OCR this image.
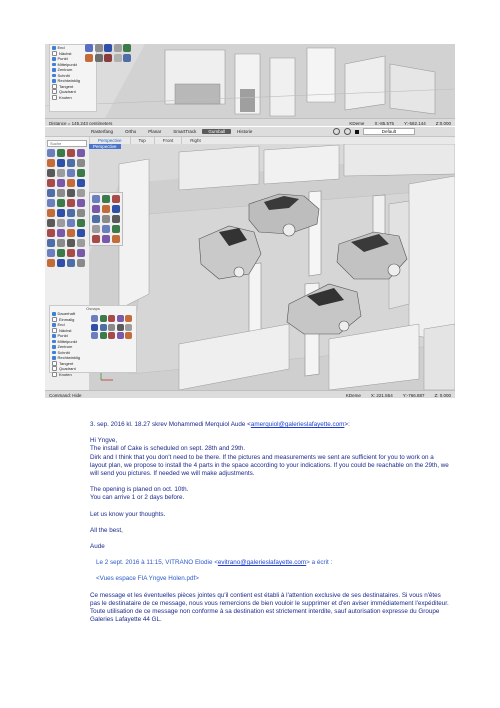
End
Nächst
Punkt
Mittelpunkt
Zentrum
Schnitt
Rechtwinklig
Tangent
Quadrant
Knoten
Distance = 145.243 centimeters	KDeme X:-85.575 Y:-582.144 Z:0.000
Rasterfang	Ortho	Planar	SmartTrack	Gumball	Historie	Default
Perspective	Top	Front	Right
Suche
Perspective
Osnaps
Dauerhaft
Einmalig
End
Nächst
Punkt
Mittelpunkt
Zentrum
Schnitt
Rechtwinklig
Tangent
Quadrant
Knoten
Command: Hide	KDeme X: 221.554 Y:-766.887 Z: 0.000

3. sep. 2016 kl. 18.27 skrev Mohammedi Merquiol Aude <amerquiol@galerieslafayette.com>:

Hi Yngve,

The install of Cake is scheduled on sept. 28th and 29th.

Dirk and I think that you don't need to be there. If the pictures and measurements we sent are sufficient for you to work on a

layout plan, we propose to install the 4 parts in the space according to your indications. If you could be reachable on the 29th, we

will send you pictures. If needed we will make adjustments.

The opening is planed on oct. 10th.

You can arrive 1 or 2 days before.

Let us know your thoughts.

All the best,

Aude

Le 2 sept. 2016 à 11:15, VITRANO Elodie <evitrano@galerieslafayette.com> a écrit :

<Vues espace FIA Yngve Holen.pdf>

Ce message et les éventuelles pièces jointes qu'il contient est établi à l'attention exclusive de ses destinataires. Si vous n'êtes

pas le destinataire de ce message, nous vous remercions de bien vouloir le supprimer et d'en aviser immédiatement l'expéditeur.

Toute utilisation de ce message non conforme à sa destination est strictement interdite, sauf autorisation expresse du Groupe

Galeries Lafayette 44 GL.
